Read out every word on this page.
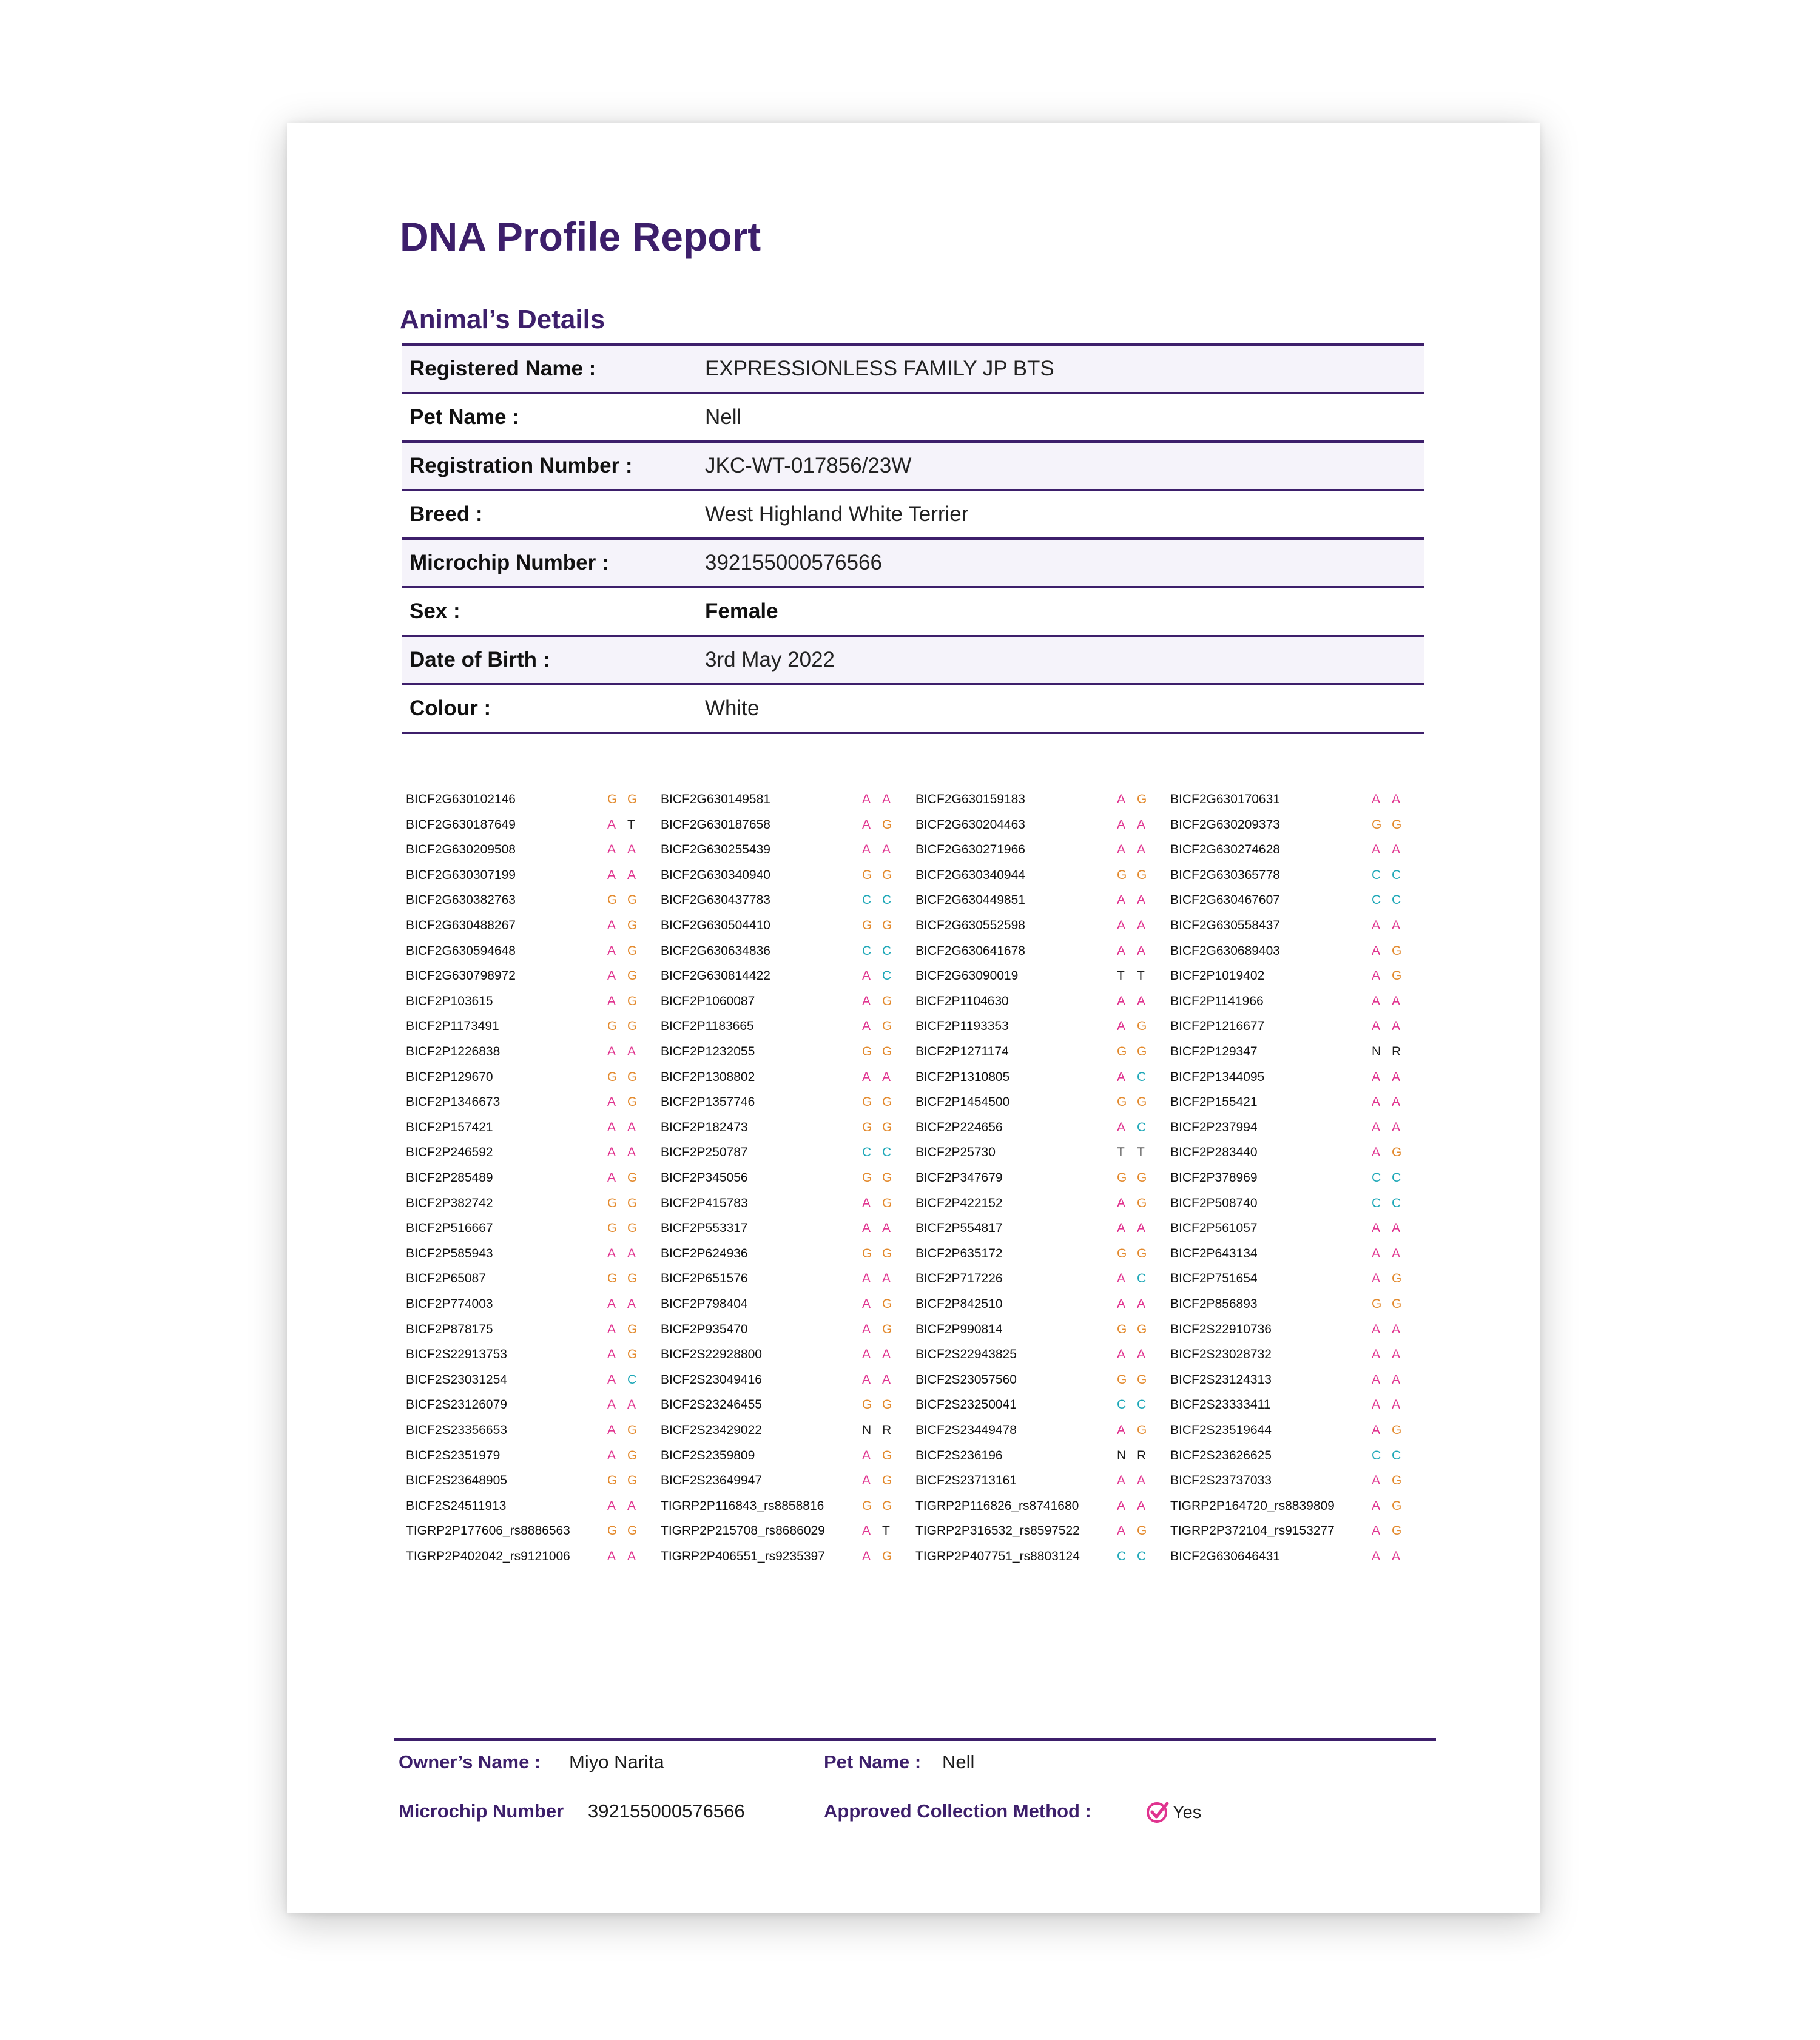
DNA Profile Report
Animal’s Details
Registered Name :	EXPRESSIONLESS FAMILY JP BTS
Pet Name :	Nell
Registration Number :	JKC-WT-017856/23W
Breed :	West Highland White Terrier
Microchip Number :	392155000576566
Sex :	Female
Date of Birth :	3rd May 2022
Colour :	White
BICF2G630102146	G G
BICF2G630187649	A T
BICF2G630209508	A A
BICF2G630307199	A A
BICF2G630382763	G G
BICF2G630488267	A G
BICF2G630594648	A G
BICF2G630798972	A G
BICF2P103615	A G
BICF2P1173491	G G
BICF2P1226838	A A
BICF2P129670	G G
BICF2P1346673	A G
BICF2P157421	A A
BICF2P246592	A A
BICF2P285489	A G
BICF2P382742	G G
BICF2P516667	G G
BICF2P585943	A A
BICF2P65087	G G
BICF2P774003	A A
BICF2P878175	A G
BICF2S22913753	A G
BICF2S23031254	A C
BICF2S23126079	A A
BICF2S23356653	A G
BICF2S2351979	A G
BICF2S23648905	G G
BICF2S24511913	A A
TIGRP2P177606_rs8886563	G G
TIGRP2P402042_rs9121006	A A
BICF2G630149581	A A
BICF2G630187658	A G
BICF2G630255439	A A
BICF2G630340940	G G
BICF2G630437783	C C
BICF2G630504410	G G
BICF2G630634836	C C
BICF2G630814422	A C
BICF2P1060087	A G
BICF2P1183665	A G
BICF2P1232055	G G
BICF2P1308802	A A
BICF2P1357746	G G
BICF2P182473	G G
BICF2P250787	C C
BICF2P345056	G G
BICF2P415783	A G
BICF2P553317	A A
BICF2P624936	G G
BICF2P651576	A A
BICF2P798404	A G
BICF2P935470	A G
BICF2S22928800	A A
BICF2S23049416	A A
BICF2S23246455	G G
BICF2S23429022	N R
BICF2S2359809	A G
BICF2S23649947	A G
TIGRP2P116843_rs8858816	G G
TIGRP2P215708_rs8686029	A T
TIGRP2P406551_rs9235397	A G
BICF2G630159183	A G
BICF2G630204463	A A
BICF2G630271966	A A
BICF2G630340944	G G
BICF2G630449851	A A
BICF2G630552598	A A
BICF2G630641678	A A
BICF2G63090019	T T
BICF2P1104630	A A
BICF2P1193353	A G
BICF2P1271174	G G
BICF2P1310805	A C
BICF2P1454500	G G
BICF2P224656	A C
BICF2P25730	T T
BICF2P347679	G G
BICF2P422152	A G
BICF2P554817	A A
BICF2P635172	G G
BICF2P717226	A C
BICF2P842510	A A
BICF2P990814	G G
BICF2S22943825	A A
BICF2S23057560	G G
BICF2S23250041	C C
BICF2S23449478	A G
BICF2S236196	N R
BICF2S23713161	A A
TIGRP2P116826_rs8741680	A A
TIGRP2P316532_rs8597522	A G
TIGRP2P407751_rs8803124	C C
BICF2G630170631	A A
BICF2G630209373	G G
BICF2G630274628	A A
BICF2G630365778	C C
BICF2G630467607	C C
BICF2G630558437	A A
BICF2G630689403	A G
BICF2P1019402	A G
BICF2P1141966	A A
BICF2P1216677	A A
BICF2P129347	N R
BICF2P1344095	A A
BICF2P155421	A A
BICF2P237994	A A
BICF2P283440	A G
BICF2P378969	C C
BICF2P508740	C C
BICF2P561057	A A
BICF2P643134	A A
BICF2P751654	A G
BICF2P856893	G G
BICF2S22910736	A A
BICF2S23028732	A A
BICF2S23124313	A A
BICF2S23333411	A A
BICF2S23519644	A G
BICF2S23626625	C C
BICF2S23737033	A G
TIGRP2P164720_rs8839809	A G
TIGRP2P372104_rs9153277	A G
BICF2G630646431	A A
Owner’s Name : Miyo Narita	Pet Name : Nell
Microchip Number 392155000576566	Approved Collection Method :	Yes
